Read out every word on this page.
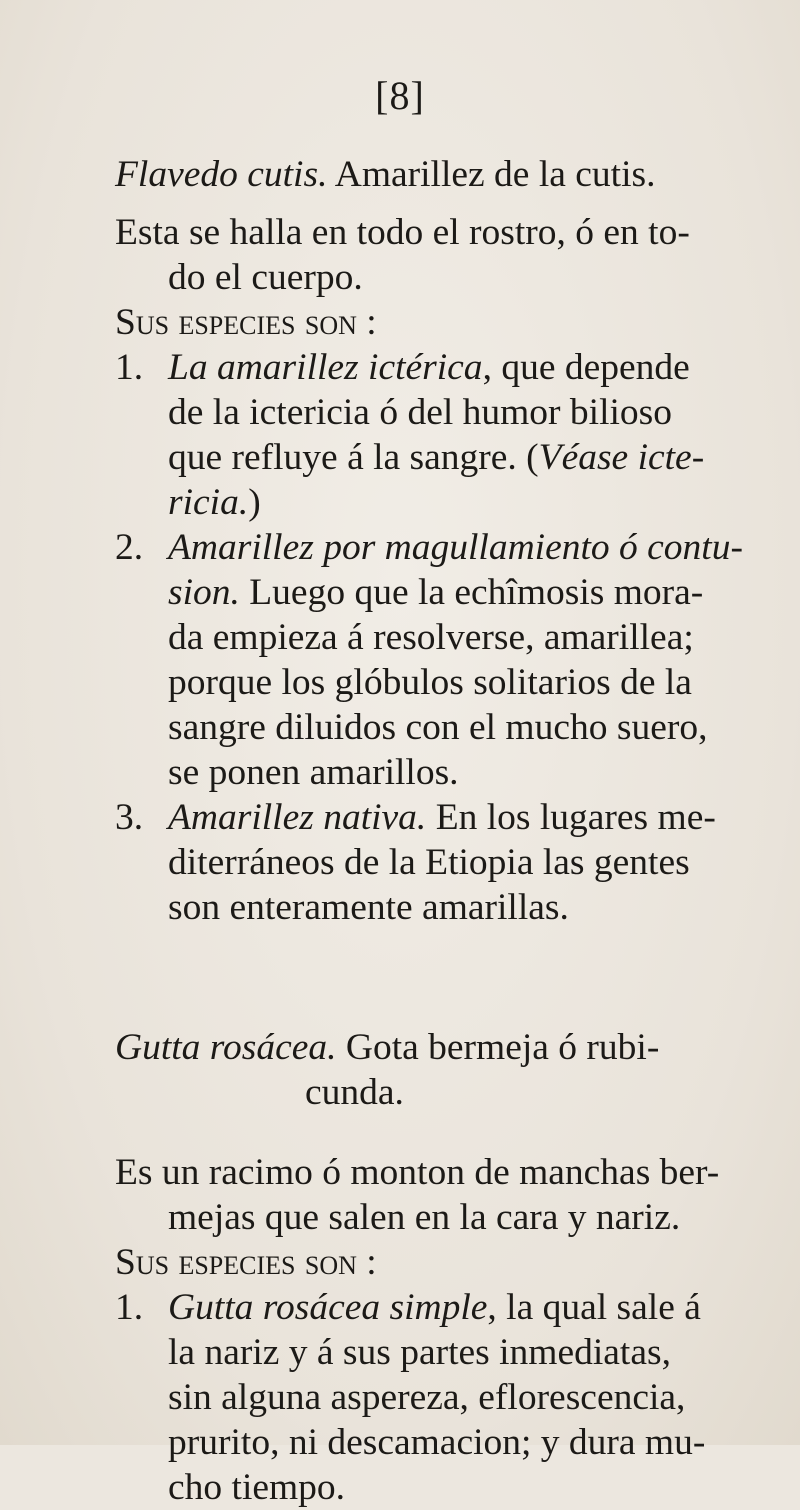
[8]
Flavedo cutis. Amarillez de la cutis.
Esta se halla en todo el rostro, ó en to-
do el cuerpo.
Sus especies son :
1. La amarillez ictérica, que depende
de la ictericia ó del humor bilioso
que refluye á la sangre. (Véase icte-
ricia.)
2. Amarillez por magullamiento ó contu-
sion. Luego que la echîmosis mora-
da empieza á resolverse, amarillea;
porque los glóbulos solitarios de la
sangre diluidos con el mucho suero,
se ponen amarillos.
3. Amarillez nativa. En los lugares me-
diterráneos de la Etiopia las gentes
son enteramente amarillas.
Gutta rosácea. Gota bermeja ó rubi-
cunda.
Es un racimo ó monton de manchas ber-
mejas que salen en la cara y nariz.
Sus especies son :
1. Gutta rosácea simple, la qual sale á
la nariz y á sus partes inmediatas,
sin alguna aspereza, eflorescencia,
prurito, ni descamacion; y dura mu-
cho tiempo.
